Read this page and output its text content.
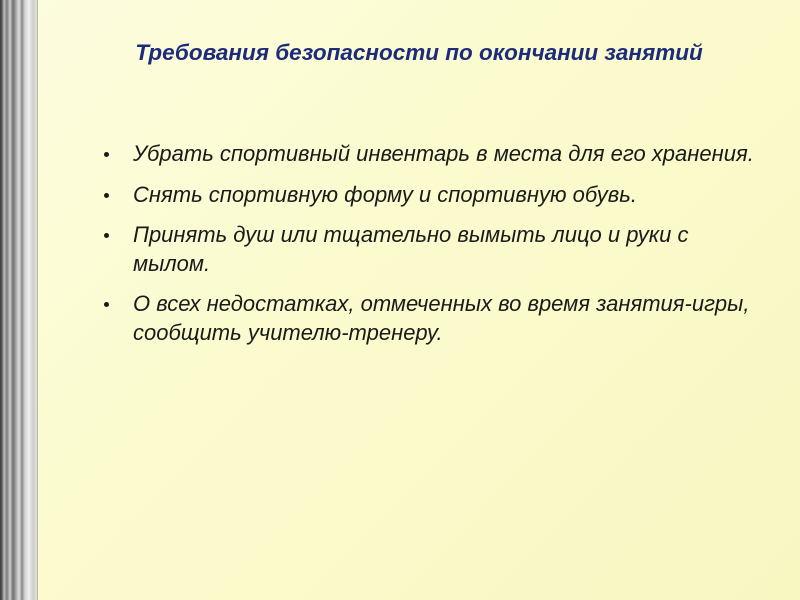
Требования безопасности по окончании занятий
Убрать спортивный инвентарь в места для его хранения.
Снять спортивную форму и спортивную обувь.
Принять душ или тщательно вымыть лицо и руки с мылом.
О всех недостатках, отмеченных во время занятия-игры, сообщить учителю-тренеру.
